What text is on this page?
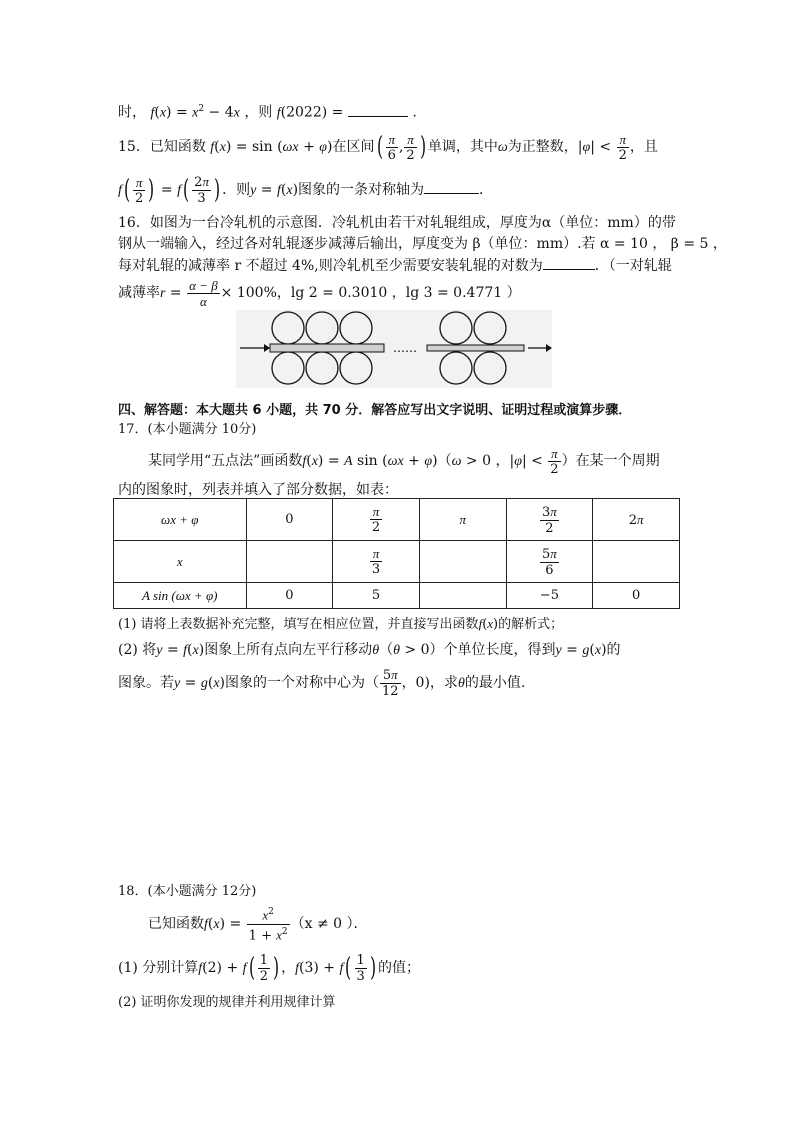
时， $f(x) = x^2 - 4x$ ，则 f(2022) =	.
15．已知函数 f(x) = sin (ωx + φ)在区间( $\frac{\pi}{6}$ , $\frac{\pi}{2}$ ) 单调，其中ω为正整数，$|\varphi| < \frac{\pi}{2}$ ，且
$f( \frac{\pi}{2}$ ) = $f( \frac{2\pi}{3}$ ) ．则y = f(x)图象的一条对称轴为	．
16．如图为一台冷轧机的示意图．冷轧机由若干对轧辊组成，厚度为α（单位：mm）的带
钢从一端输入，经过各对轧辊逐步减薄后输出，厚度变为 β（单位：mm）.若 α = 10 ， β = 5 ，
每对轧辊的减薄率 r 不超过 4%,则冷轧机至少需要安装轧辊的对数为	．（一对轧辊
减薄率$r = \frac{\alpha - \beta}{\alpha} \times 100\%$，lg 2 = 0.3010 ，lg 3 = 0.4771 ）
……
四、解答题：本大题共 6 小题，共 70 分．解答应写出文字说明、证明过程或演算步骤．
17．(本小题满分 10分)
某同学用“五点法”画函数f(x) = A sin (ωx + φ)（ω > 0 ，$|\varphi| < \frac{\pi}{2}$ ）在某一个周期
内的图象时，列表并填入了部分数据，如表：
ωx + φ	0	$\frac{\pi}{2}$	π	$\frac{3\pi}{2}$	2π
x		$\frac{\pi}{3}$		$\frac{5\pi}{6}$

A sin (ωx + φ)	0	5		−5	0
(1) 请将上表数据补充完整，填写在相应位置，并直接写出函数f(x)的解析式；
(2) 将y = f(x)图象上所有点向左平行移动θ（θ > 0）个单位长度，得到y = g(x)的
图象。若y = g(x)图象的一个对称中心为（ $\frac{5\pi}{12}$ ，0)，求θ的最小值.
18．(本小题满分 12分)
已知函数$f(x) = \frac{x^2}{1 + x^2} (x \ne 0$ ）．
(1) 分别计算$f(2) + f( \frac{1}{2}$ ) ，$f(3) + f( \frac{1}{3}$ ) 的值；
(2) 证明你发现的规律并利用规律计算
